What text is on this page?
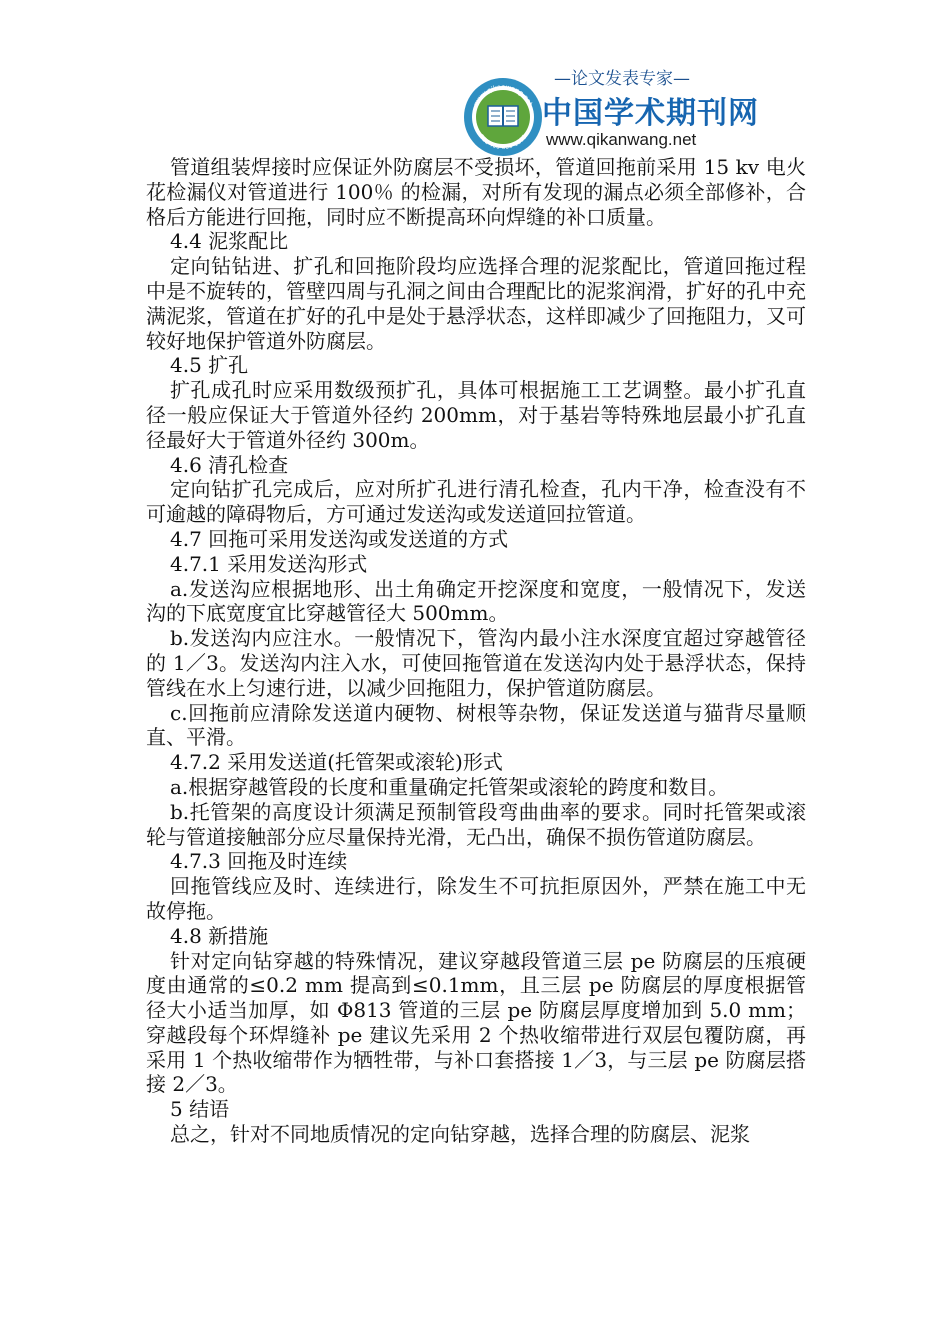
www.qikanwang.net
TEL 400-000-1285
—论文发表专家—
中国学术期刊网
www.qikanwang.net

管道组装焊接时应保证外防腐层不受损坏，管道回拖前采用 15 kv 电火花检漏仪对管道进行 100％ 的检漏，对所有发现的漏点必须全部修补，合格后方能进行回拖，同时应不断提高环向焊缝的补口质量。

4.4 泥浆配比

定向钻钻进、扩孔和回拖阶段均应选择合理的泥浆配比，管道回拖过程中是不旋转的，管壁四周与孔洞之间由合理配比的泥浆润滑，扩好的孔中充满泥浆，管道在扩好的孔中是处于悬浮状态，这样即减少了回拖阻力，又可较好地保护管道外防腐层。

4.5 扩孔

扩孔成孔时应采用数级预扩孔，具体可根据施工工艺调整。最小扩孔直径一般应保证大于管道外径约 200mm，对于基岩等特殊地层最小扩孔直径最好大于管道外径约 300m。

4.6 清孔检查

定向钻扩孔完成后，应对所扩孔进行清孔检查，孔内干净，检查没有不可逾越的障碍物后，方可通过发送沟或发送道回拉管道。

4.7 回拖可采用发送沟或发送道的方式

4.7.1 采用发送沟形式

a.发送沟应根据地形、出土角确定开挖深度和宽度，一般情况下，发送沟的下底宽度宜比穿越管径大 500mm。

b.发送沟内应注水。一般情况下，管沟内最小注水深度宜超过穿越管径的 1／3。发送沟内注入水，可使回拖管道在发送沟内处于悬浮状态，保持管线在水上匀速行进，以减少回拖阻力，保护管道防腐层。

c.回拖前应清除发送道内硬物、树根等杂物，保证发送道与猫背尽量顺直、平滑。

4.7.2 采用发送道(托管架或滚轮)形式

a.根据穿越管段的长度和重量确定托管架或滚轮的跨度和数目。

b.托管架的高度设计须满足预制管段弯曲曲率的要求。同时托管架或滚轮与管道接触部分应尽量保持光滑，无凸出，确保不损伤管道防腐层。

4.7.3 回拖及时连续

回拖管线应及时、连续进行，除发生不可抗拒原因外，严禁在施工中无故停拖。

4.8 新措施

针对定向钻穿越的特殊情况，建议穿越段管道三层 pe 防腐层的压痕硬度由通常的≤0.2 mm 提高到≤0.1mm，且三层 pe 防腐层的厚度根据管径大小适当加厚，如 Φ813 管道的三层 pe 防腐层厚度增加到 5.0 mm；穿越段每个环焊缝补 pe 建议先采用 2 个热收缩带进行双层包覆防腐，再采用 1 个热收缩带作为牺牲带，与补口套搭接 1／3，与三层 pe 防腐层搭接 2／3。

5 结语

总之，针对不同地质情况的定向钻穿越，选择合理的防腐层、泥浆
